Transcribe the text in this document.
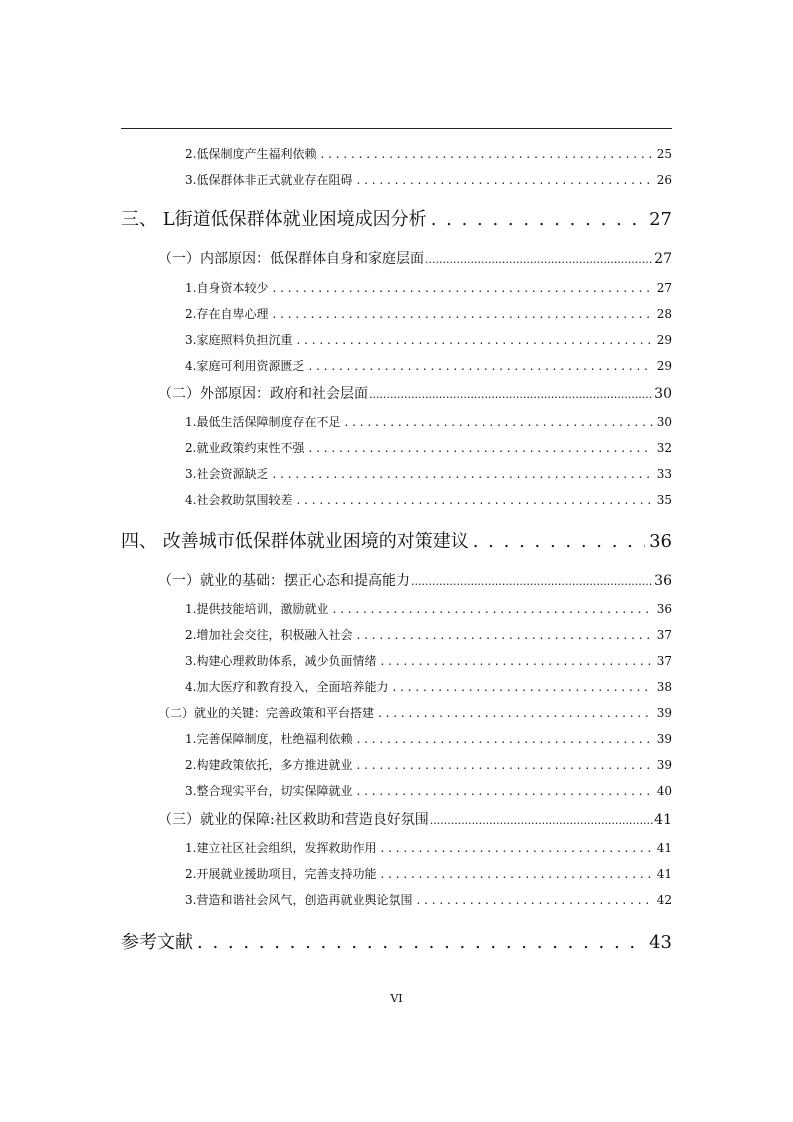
2.低保制度产生福利依赖 . . .	25
3.低保群体非正式就业存在阻碍 . . .	26
三、 L街道低保群体就业困境成因分析 . . .	27
（一）内部原因：低保群体自身和家庭层面 .....	27
1.自身资本较少 . . .	27
2.存在自卑心理 . . .	28
3.家庭照料负担沉重 . . .	29
4.家庭可利用资源匮乏 . . .	29
（二）外部原因：政府和社会层面 .....	30
1.最低生活保障制度存在不足 . . .	30
2.就业政策约束性不强 . . .	32
3.社会资源缺乏 . . .	33
4.社会救助氛围较差 . . .	35
四、 改善城市低保群体就业困境的对策建议 . . .	36
（一）就业的基础：摆正心态和提高能力 .....	36
1.提供技能培训，激励就业 . . .	36
2.增加社会交往，积极融入社会 . . .	37
3.构建心理救助体系，减少负面情绪 . . .	37
4.加大医疗和教育投入，全面培养能力 . . .	38
（二）就业的关键：完善政策和平台搭建 . . .	39
1.完善保障制度，杜绝福利依赖 . . .	39
2.构建政策依托，多方推进就业 . . .	39
3.整合现实平台，切实保障就业 . . .	40
（三）就业的保障:社区救助和营造良好氛围 .....	41
1.建立社区社会组织，发挥救助作用 . . .	41
2.开展就业援助项目，完善支持功能 . . .	41
3.营造和谐社会风气，创造再就业舆论氛围 . . .	42
参考文献 . . .	43
VI
